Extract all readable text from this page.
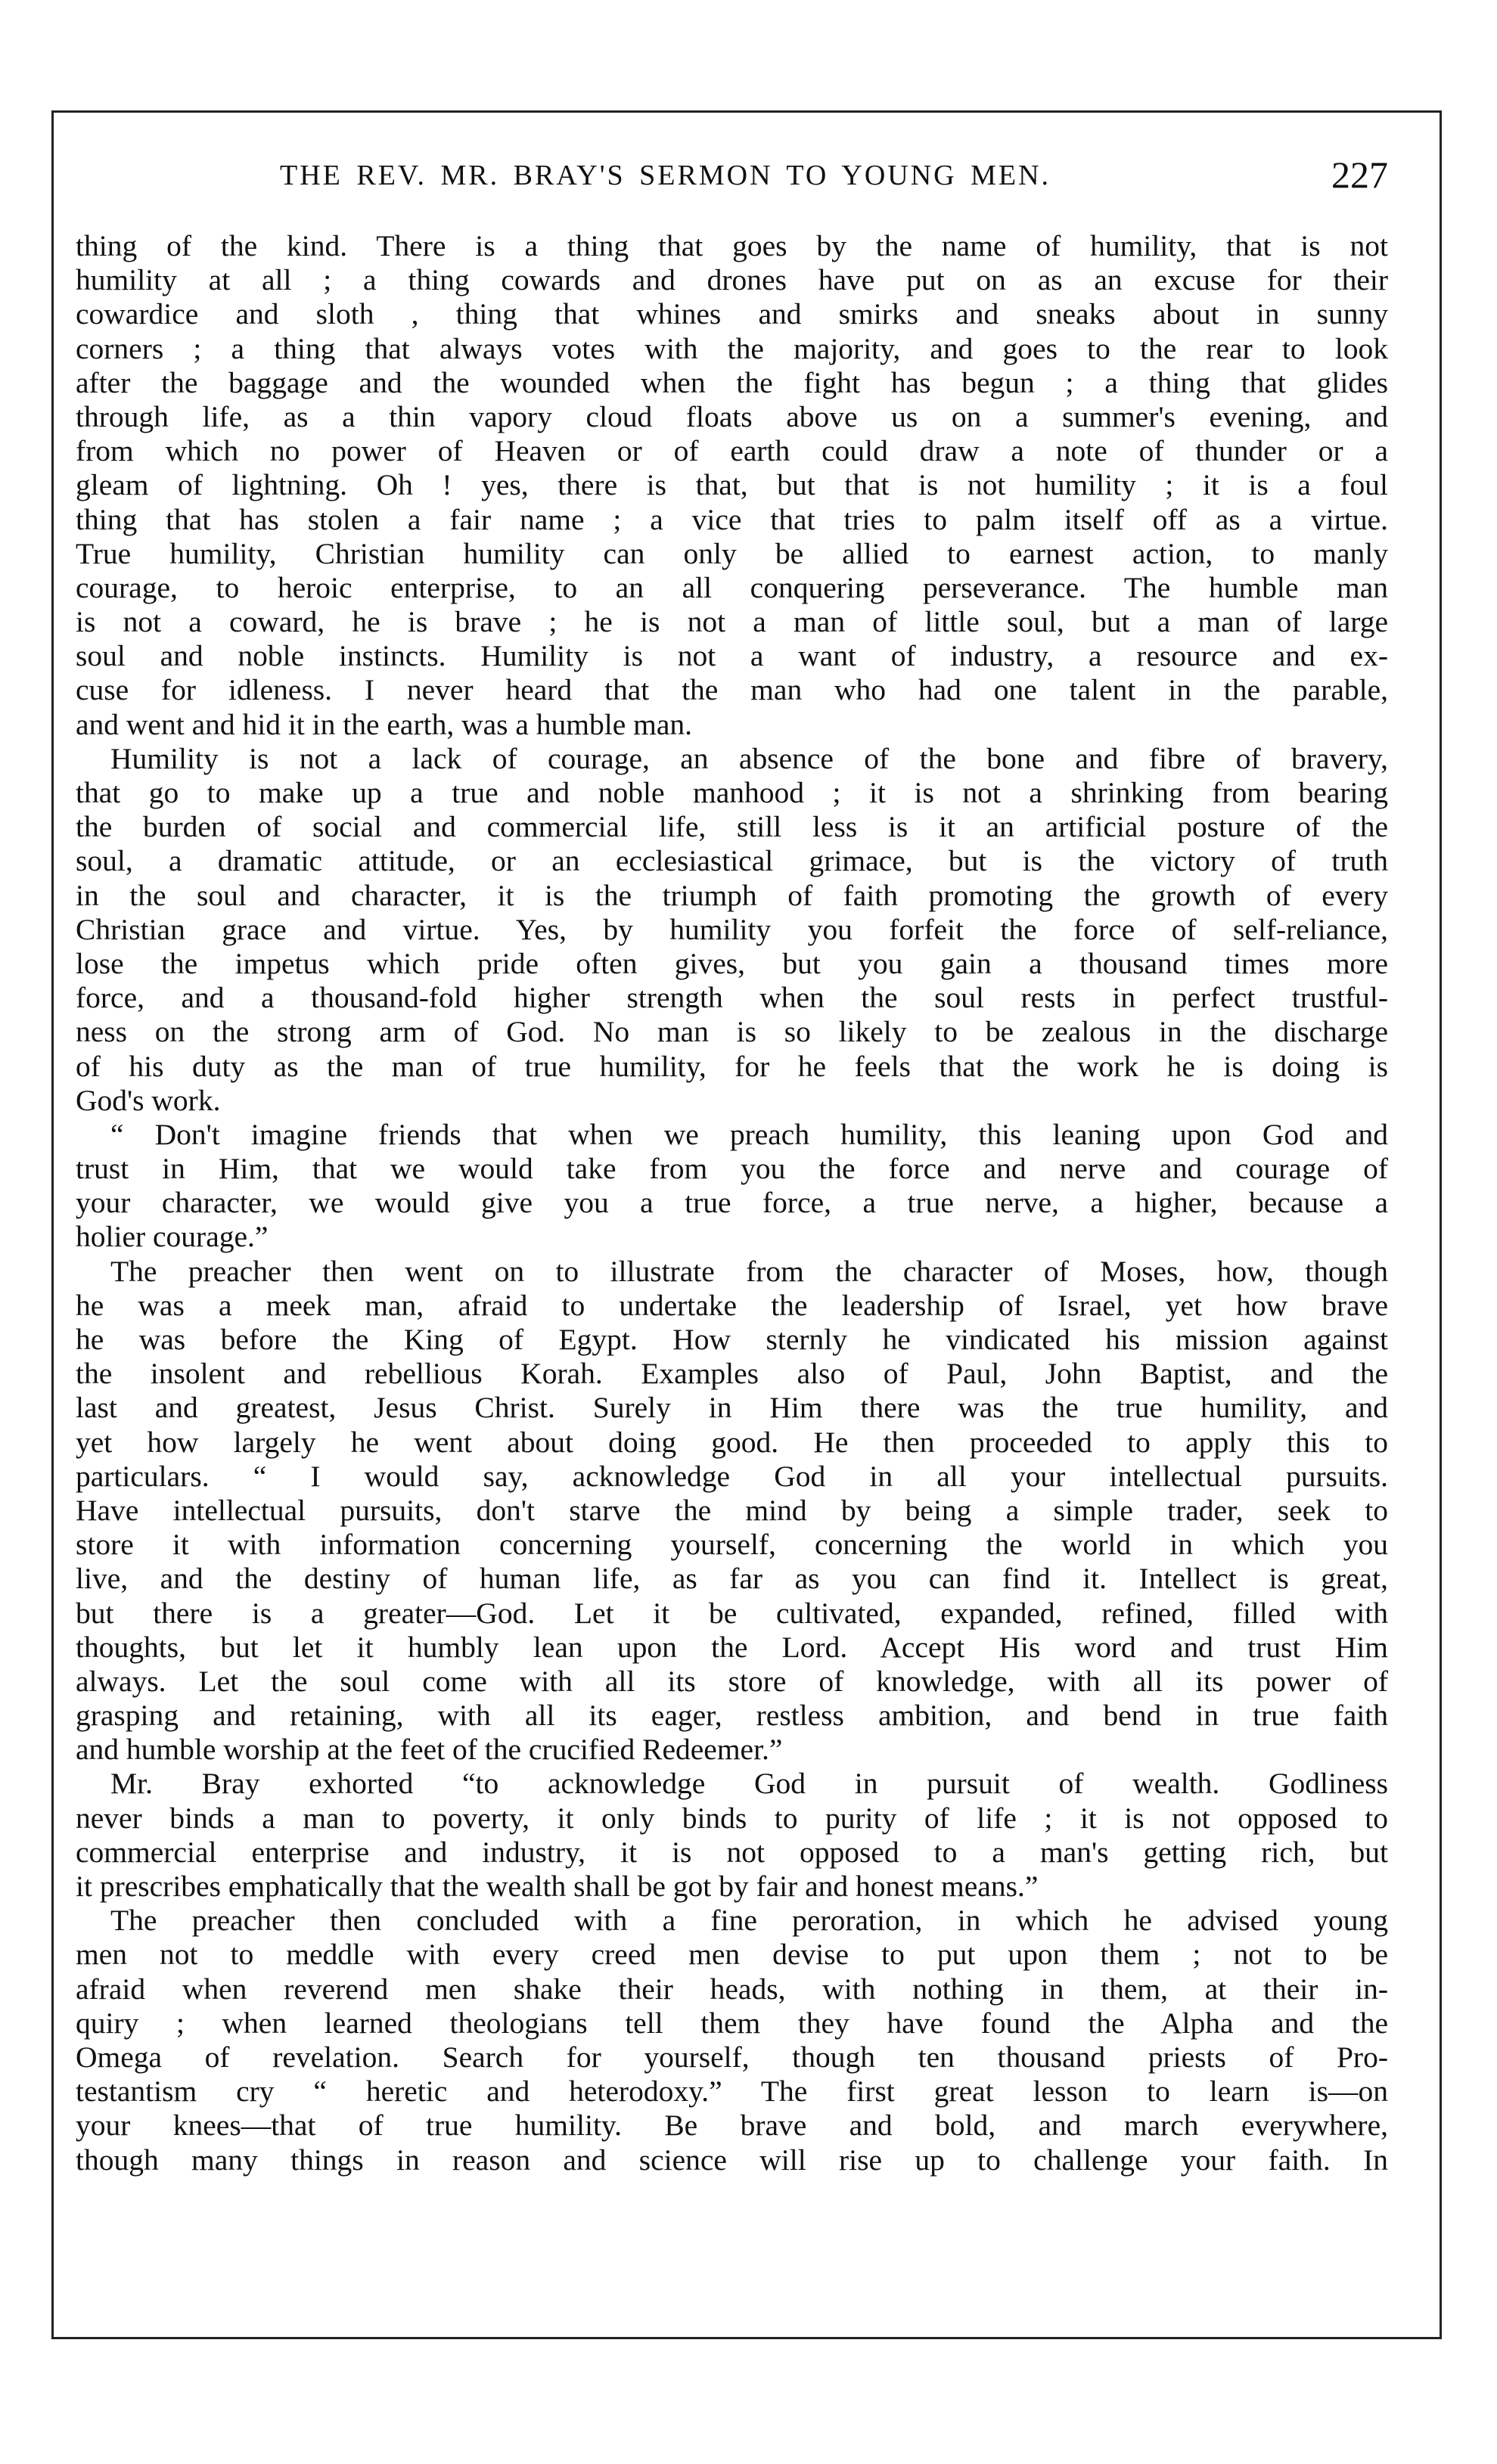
THE REV. MR. BRAY'S SERMON TO YOUNG MEN.	227
thing of the kind. There is a thing that goes by the name of humility, that is not
humility at all ; a thing cowards and drones have put on as an excuse for their
cowardice and sloth , thing that whines and smirks and sneaks about in sunny
corners ; a thing that always votes with the majority, and goes to the rear to look
after the baggage and the wounded when the fight has begun ; a thing that glides
through life, as a thin vapory cloud floats above us on a summer's evening, and
from which no power of Heaven or of earth could draw a note of thunder or a
gleam of lightning. Oh ! yes, there is that, but that is not humility ; it is a foul
thing that has stolen a fair name ; a vice that tries to palm itself off as a virtue.
True humility, Christian humility can only be allied to earnest action, to manly
courage, to heroic enterprise, to an all conquering perseverance. The humble man
is not a coward, he is brave ; he is not a man of little soul, but a man of large
soul and noble instincts. Humility is not a want of industry, a resource and ex-
cuse for idleness. I never heard that the man who had one talent in the parable,
and went and hid it in the earth, was a humble man.
Humility is not a lack of courage, an absence of the bone and fibre of bravery,
that go to make up a true and noble manhood ; it is not a shrinking from bearing
the burden of social and commercial life, still less is it an artificial posture of the
soul, a dramatic attitude, or an ecclesiastical grimace, but is the victory of truth
in the soul and character, it is the triumph of faith promoting the growth of every
Christian grace and virtue. Yes, by humility you forfeit the force of self-reliance,
lose the impetus which pride often gives, but you gain a thousand times more
force, and a thousand-fold higher strength when the soul rests in perfect trustful-
ness on the strong arm of God. No man is so likely to be zealous in the discharge
of his duty as the man of true humility, for he feels that the work he is doing is
God's work.
“ Don't imagine friends that when we preach humility, this leaning upon God and
trust in Him, that we would take from you the force and nerve and courage of
your character, we would give you a true force, a true nerve, a higher, because a
holier courage.”
The preacher then went on to illustrate from the character of Moses, how, though
he was a meek man, afraid to undertake the leadership of Israel, yet how brave
he was before the King of Egypt. How sternly he vindicated his mission against
the insolent and rebellious Korah. Examples also of Paul, John Baptist, and the
last and greatest, Jesus Christ. Surely in Him there was the true humility, and
yet how largely he went about doing good. He then proceeded to apply this to
particulars. “ I would say, acknowledge God in all your intellectual pursuits.
Have intellectual pursuits, don't starve the mind by being a simple trader, seek to
store it with information concerning yourself, concerning the world in which you
live, and the destiny of human life, as far as you can find it. Intellect is great,
but there is a greater—God. Let it be cultivated, expanded, refined, filled with
thoughts, but let it humbly lean upon the Lord. Accept His word and trust Him
always. Let the soul come with all its store of knowledge, with all its power of
grasping and retaining, with all its eager, restless ambition, and bend in true faith
and humble worship at the feet of the crucified Redeemer.”
Mr. Bray exhorted “to acknowledge God in pursuit of wealth. Godliness
never binds a man to poverty, it only binds to purity of life ; it is not opposed to
commercial enterprise and industry, it is not opposed to a man's getting rich, but
it prescribes emphatically that the wealth shall be got by fair and honest means.”
The preacher then concluded with a fine peroration, in which he advised young
men not to meddle with every creed men devise to put upon them ; not to be
afraid when reverend men shake their heads, with nothing in them, at their in-
quiry ; when learned theologians tell them they have found the Alpha and the
Omega of revelation. Search for yourself, though ten thousand priests of Pro-
testantism cry “ heretic and heterodoxy.” The first great lesson to learn is—on
your knees—that of true humility. Be brave and bold, and march everywhere,
though many things in reason and science will rise up to challenge your faith. In
